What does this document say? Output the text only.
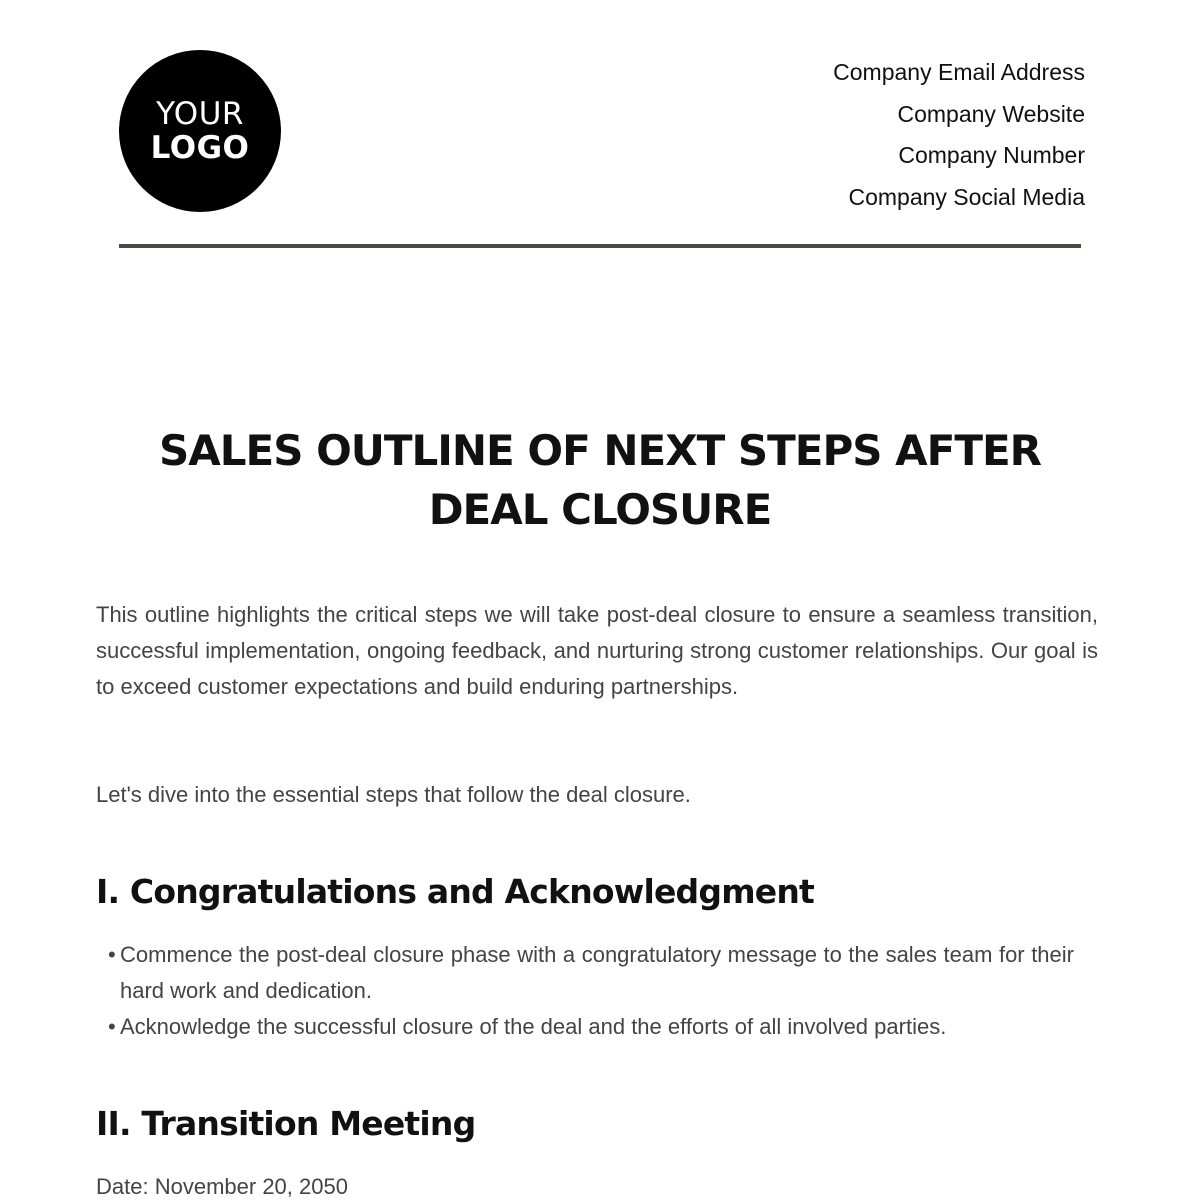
YOUR
LOGO
Company Email Address
Company Website
Company Number
Company Social Media
SALES OUTLINE OF NEXT STEPS AFTER DEAL CLOSURE

This outline highlights the critical steps we will take post-deal closure to ensure a seamless transition, successful implementation, ongoing feedback, and nurturing strong customer relationships. Our goal is to exceed customer expectations and build enduring partnerships.

Let's dive into the essential steps that follow the deal closure.

I. Congratulations and Acknowledgment
• Commence the post-deal closure phase with a congratulatory message to the sales team for their hard work and dedication.
• Acknowledge the successful closure of the deal and the efforts of all involved parties.
II. Transition Meeting

Date: November 20, 2050
